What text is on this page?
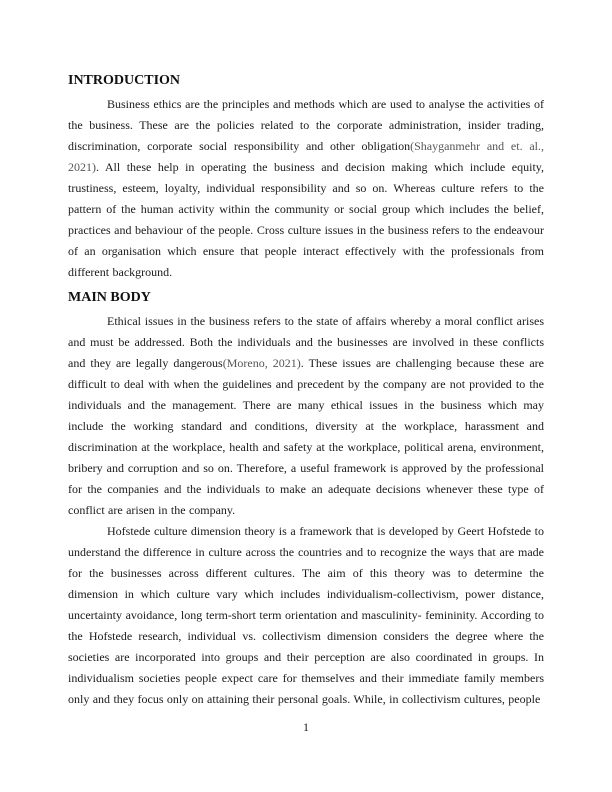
INTRODUCTION

Business ethics are the principles and methods which are used to analyse the activities of the business. These are the policies related to the corporate administration, insider trading, discrimination, corporate social responsibility and other obligation(Shayganmehr and et. al., 2021). All these help in operating the business and decision making which include equity, trustiness, esteem, loyalty, individual responsibility and so on. Whereas culture refers to the pattern of the human activity within the community or social group which includes the belief, practices and behaviour of the people. Cross culture issues in the business refers to the endeavour of an organisation which ensure that people interact effectively with the professionals from different background.

MAIN BODY

Ethical issues in the business refers to the state of affairs whereby a moral conflict arises and must be addressed. Both the individuals and the businesses are involved in these conflicts and they are legally dangerous(Moreno, 2021). These issues are challenging because these are difficult to deal with when the guidelines and precedent by the company are not provided to the individuals and the management. There are many ethical issues in the business which may include the working standard and conditions, diversity at the workplace, harassment and discrimination at the workplace, health and safety at the workplace, political arena, environment, bribery and corruption and so on. Therefore, a useful framework is approved by the professional for the companies and the individuals to make an adequate decisions whenever these type of conflict are arisen in the company.

Hofstede culture dimension theory is a framework that is developed by Geert Hofstede to understand the difference in culture across the countries and to recognize the ways that are made for the businesses across different cultures. The aim of this theory was to determine the dimension in which culture vary which includes individualism-collectivism, power distance, uncertainty avoidance, long term-short term orientation and masculinity- femininity. According to the Hofstede research, individual vs. collectivism dimension considers the degree where the societies are incorporated into groups and their perception are also coordinated in groups. In individualism societies people expect care for themselves and their immediate family members only and they focus only on attaining their personal goals. While, in collectivism cultures, people

1
